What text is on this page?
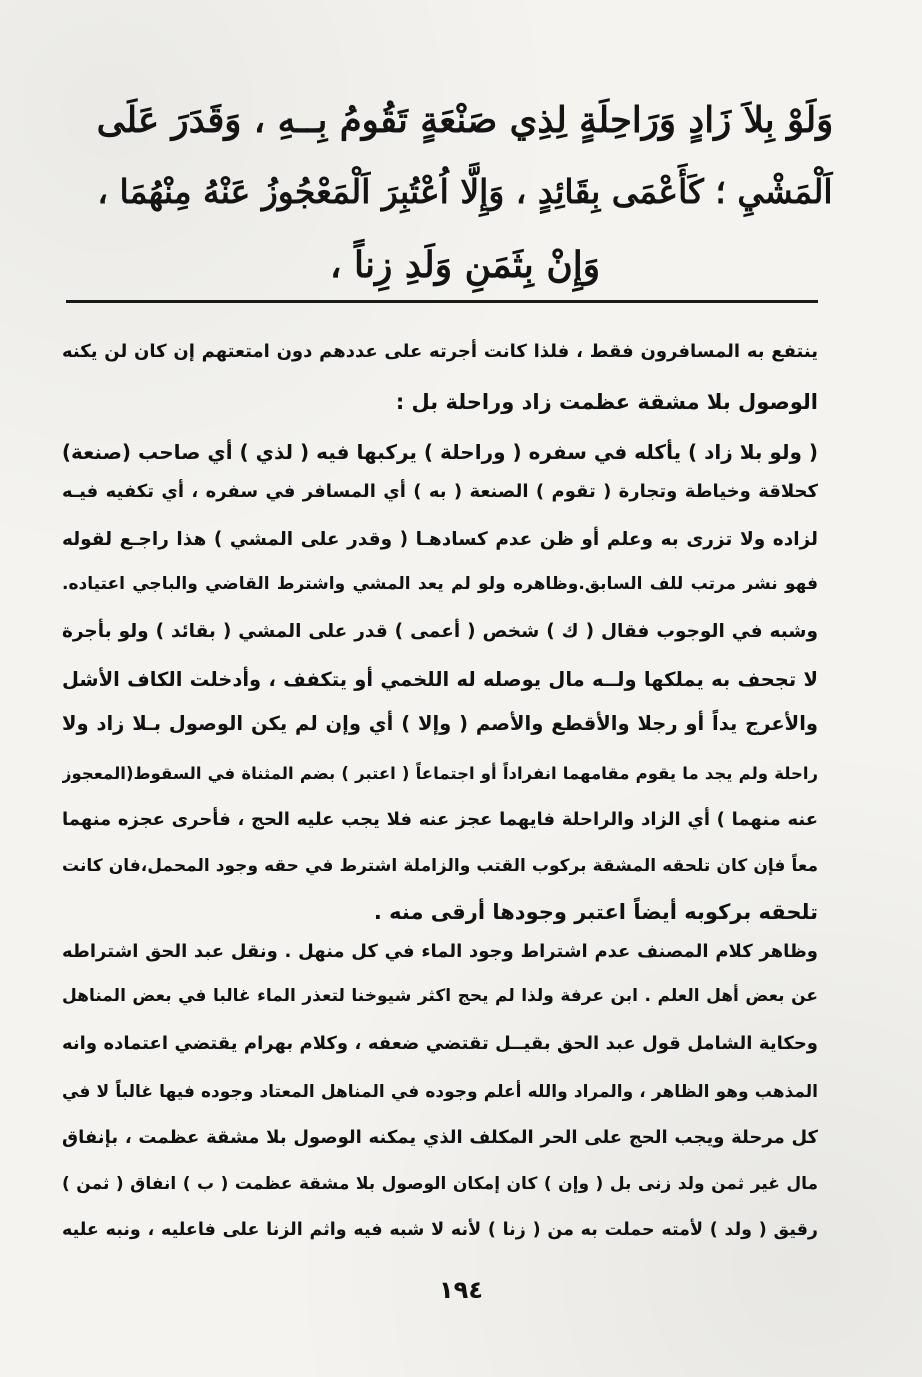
وَلَوْ بِلاَ زَادٍ وَرَاحِلَةٍ لِذِي صَنْعَةٍ تَقُومُ بِــهِ ، وَقَدَرَ عَلَى
اَلْمَشْيِ ؛ كَأَعْمَى بِقَائِدٍ ، وَإِلَّا اُعْتُبِرَ اَلْمَعْجُوزُ عَنْهُ مِنْهُمَا ،
وَإِنْ بِثَمَنِ وَلَدِ زِناً ،
ينتفع به المسافرون فقط ، فلذا كانت أجرته على عددهم دون امتعتهم إن كان لن يكنه
الوصول بلا مشقة عظمت زاد وراحلة بل :
( ولو بلا زاد ) يأكله في سفره ( وراحلة ) يركبها فيه ( لذي ) أي صاحب (صنعة)
كحلاقة وخياطة وتجارة ( تقوم ) الصنعة ( به ) أي المسافر في سفره ، أي تكفيه فيـه
لزاده ولا تزرى به وعلم أو ظن عدم كسادهـا ( وقدر على المشي ) هذا راجـع لقوله
فهو نشر مرتب للف السابق.وظاهره ولو لم يعد المشي واشترط القاضي والباجي اعتياده.
وشبه في الوجوب فقال ( ك ) شخص ( أعمى ) قدر على المشي ( بقائد ) ولو بأجرة
لا تجحف به يملكها ولــه مال يوصله له اللخمي أو يتكفف ، وأدخلت الكاف الأشل
والأعرج يداً أو رجلا والأقطع والأصم ( وإلا ) أي وإن لم يكن الوصول بـلا زاد ولا
راحلة ولم يجد ما يقوم مقامهما انفراداً أو اجتماعاً ( اعتبر ) بضم المثناة في السقوط(المعجوز
عنه منهما ) أي الزاد والراحلة فايهما عجز عنه فلا يجب عليه الحج ، فأحرى عجزه منهما
معاً فإن كان تلحقه المشقة بركوب القتب والزاملة اشترط في حقه وجود المحمل،فان كانت
تلحقه بركوبه أيضاً اعتبر وجودها أرقى منه .
وظاهر كلام المصنف عدم اشتراط وجود الماء في كل منهل . ونقل عبد الحق اشتراطه
عن بعض أهل العلم . ابن عرفة ولذا لم يحج اكثر شيوخنا لتعذر الماء غالبا في بعض المناهل
وحكاية الشامل قول عبد الحق بقيــل تقتضي ضعفه ، وكلام بهرام يقتضي اعتماده وانه
المذهب وهو الظاهر ، والمراد والله أعلم وجوده في المناهل المعتاد وجوده فيها غالباً لا في
كل مرحلة ويجب الحج على الحر المكلف الذي يمكنه الوصول بلا مشقة عظمت ، بإنفاق
مال غير ثمن ولد زنى بل ( وإن ) كان إمكان الوصول بلا مشقة عظمت ( ب ) انفاق ( ثمن )
رقيق ( ولد ) لأمته حملت به من ( زنا ) لأنه لا شبه فيه واثم الزنا على فاعليه ، ونبه عليه
١٩٤
